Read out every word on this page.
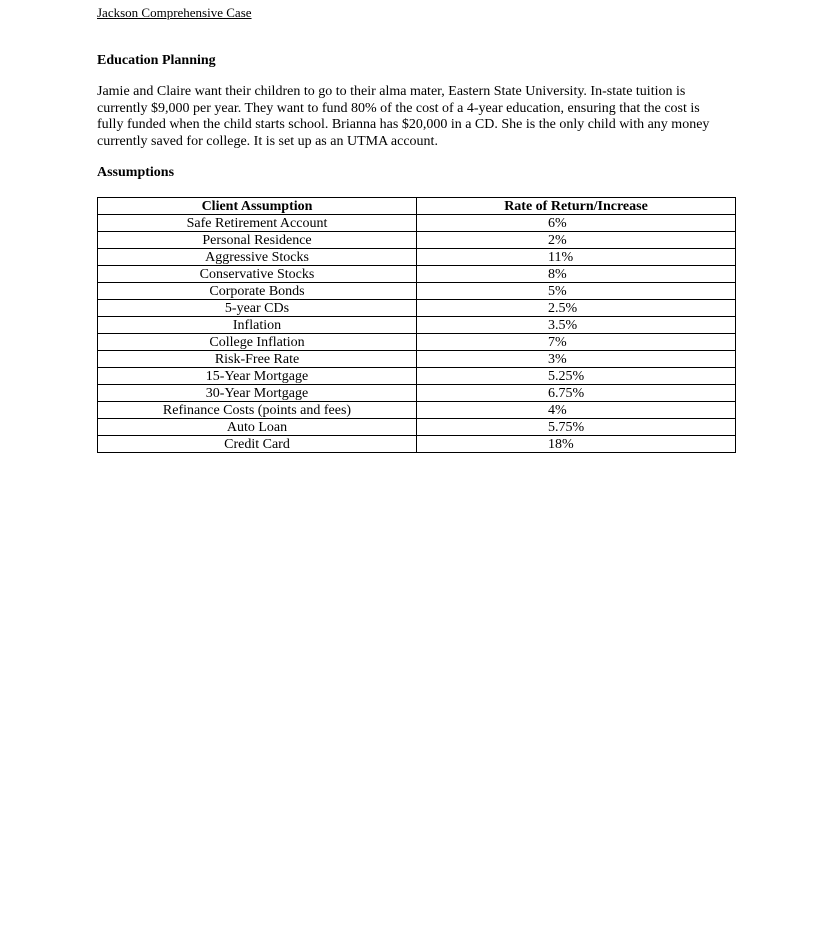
Jackson Comprehensive Case
Education Planning

Jamie and Claire want their children to go to their alma mater, Eastern State University. In-state tuition is currently $9,000 per year. They want to fund 80% of the cost of a 4-year education, ensuring that the cost is fully funded when the child starts school. Brianna has $20,000 in a CD. She is the only child with any money currently saved for college. It is set up as an UTMA account.

Assumptions
Client Assumption	Rate of Return/Increase
Safe Retirement Account	6%
Personal Residence	2%
Aggressive Stocks	11%
Conservative Stocks	8%
Corporate Bonds	5%
5-year CDs	2.5%
Inflation	3.5%
College Inflation	7%
Risk-Free Rate	3%
15-Year Mortgage	5.25%
30-Year Mortgage	6.75%
Refinance Costs (points and fees)	4%
Auto Loan	5.75%
Credit Card	18%
